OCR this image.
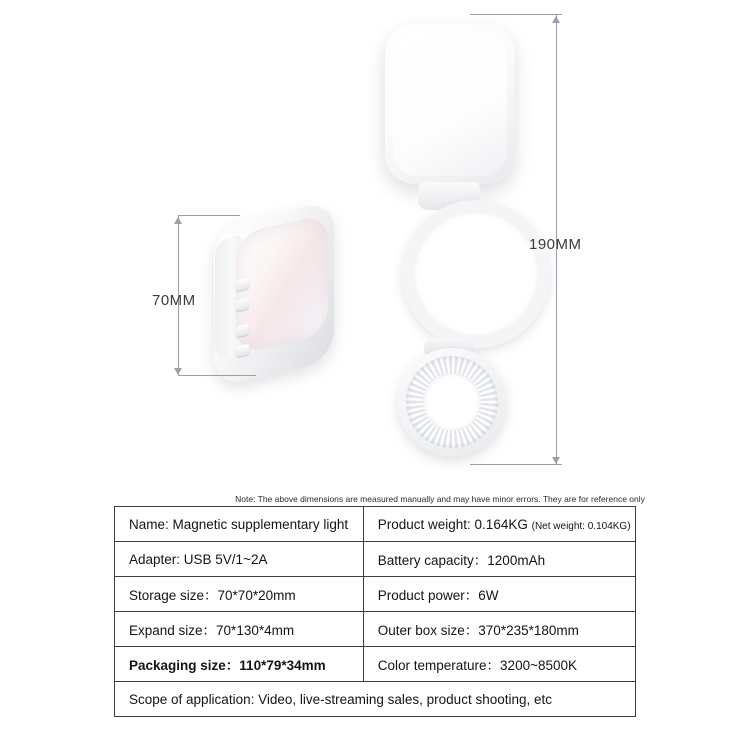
190MM
70MM
Note: The above dimensions are measured manually and may have minor errors. They are for reference only
Name: Magnetic supplementary light	Product weight: 0.164KG (Net weight: 0.104KG)
Adapter: USB 5V/1~2A	Battery capacity：1200mAh
Storage size：70*70*20mm	Product power：6W
Expand size：70*130*4mm	Outer box size：370*235*180mm
Packaging size：110*79*34mm	Color temperature：3200~8500K
Scope of application: Video, live-streaming sales, product shooting, etc	
